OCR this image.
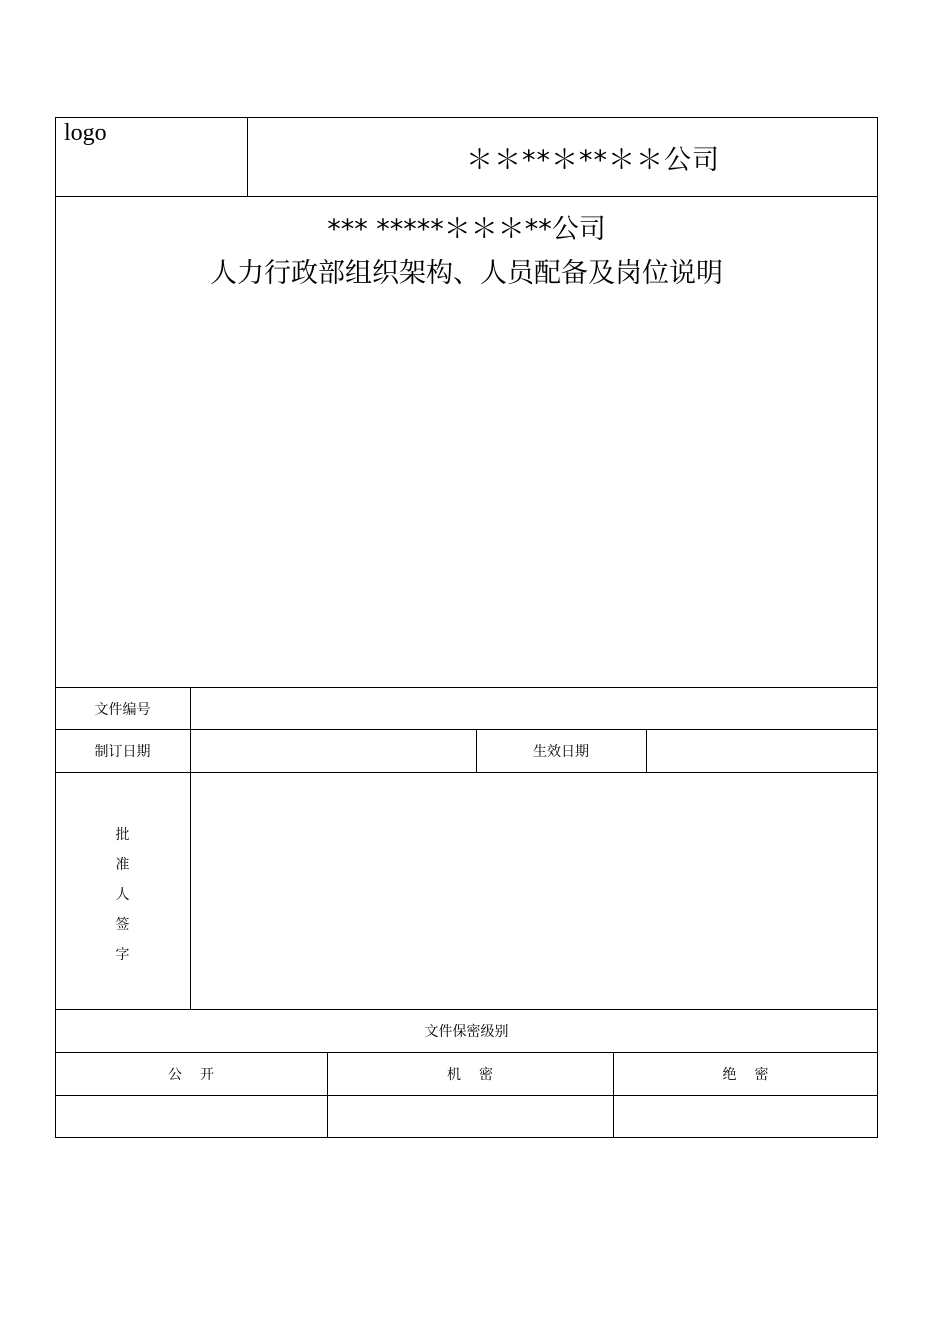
logo
＊＊**＊**＊＊公司
*** *****＊＊＊**公司
人力行政部组织架构、人员配备及岗位说明
文件编号
制订日期	生效日期
批
准
人
签
字
文件保密级别
公开	机密	绝密
